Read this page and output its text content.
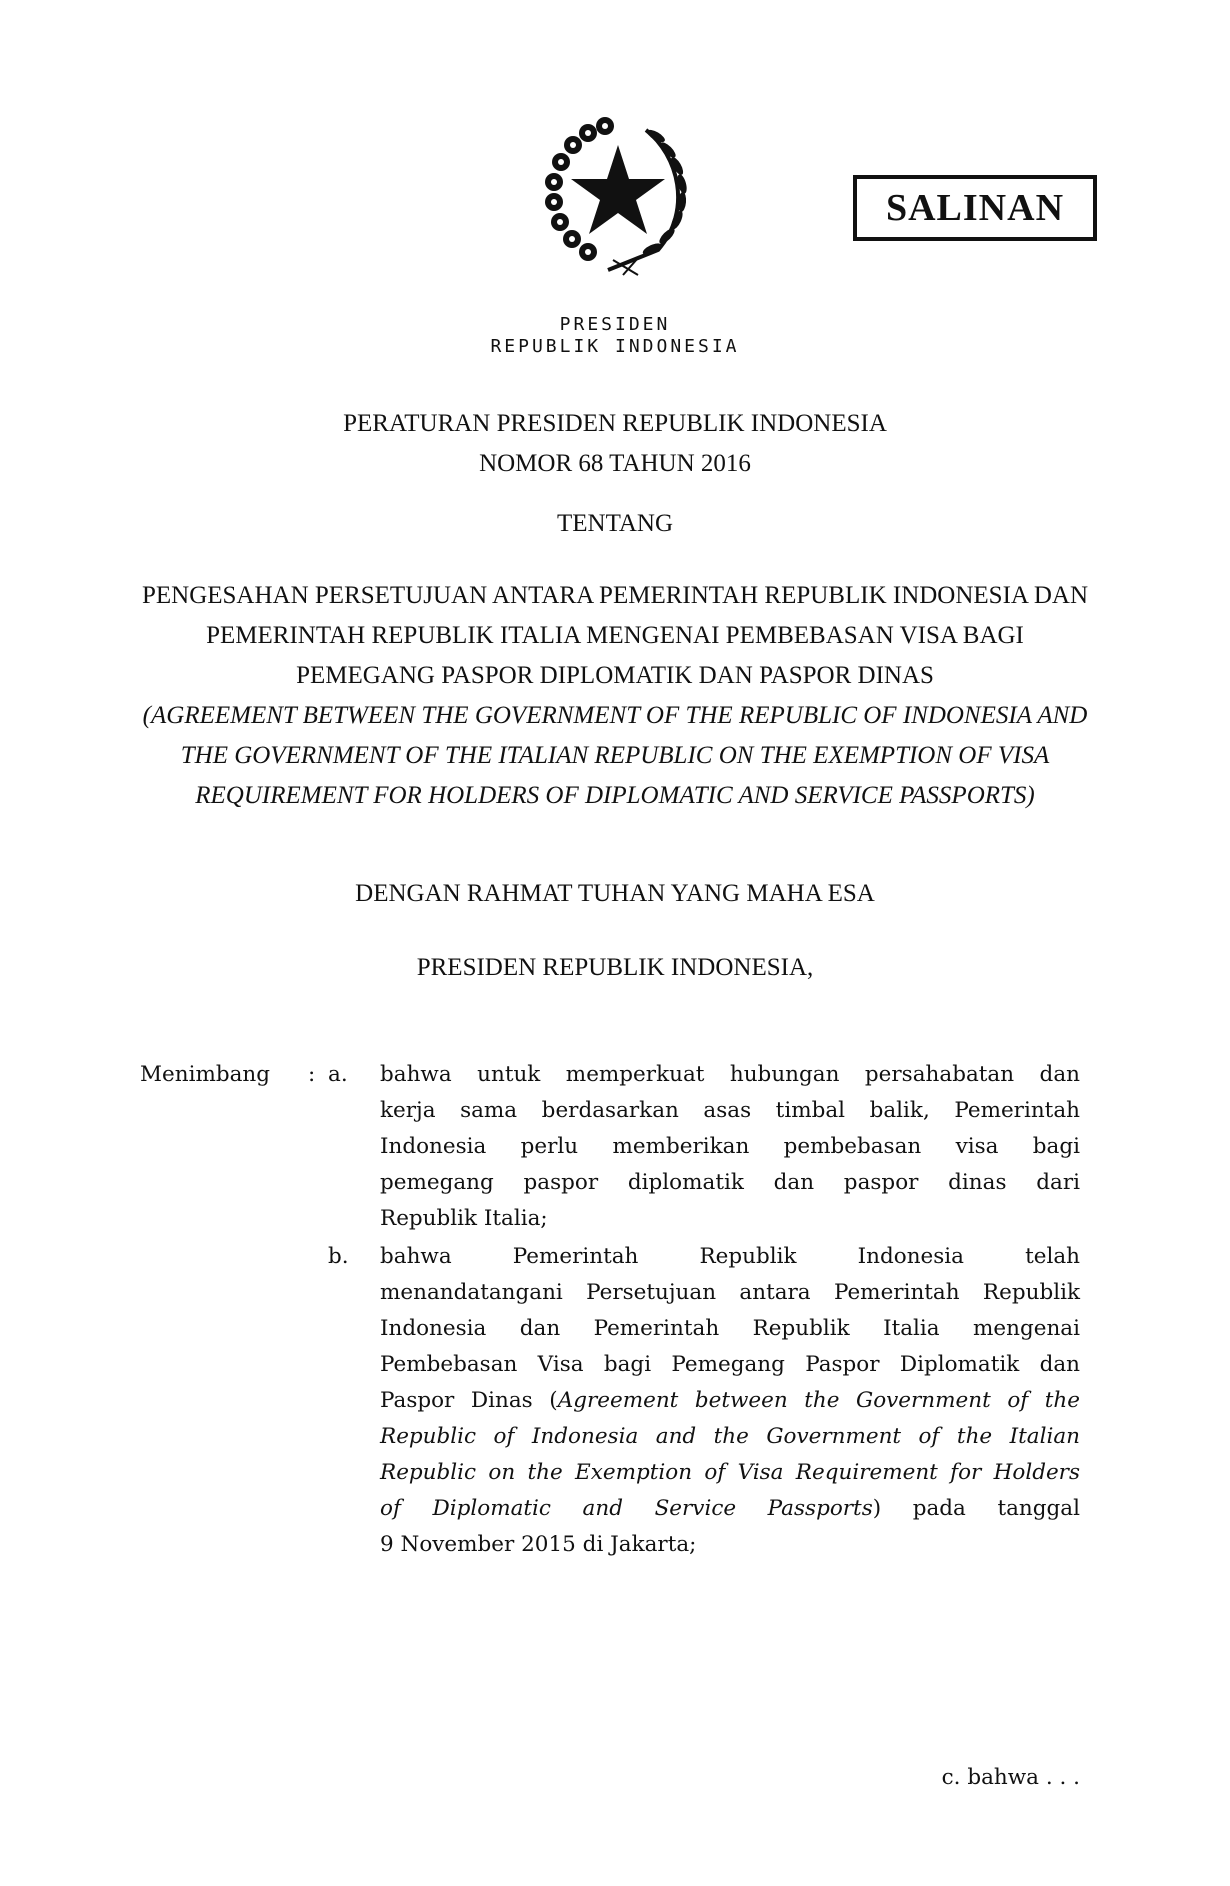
SALINAN
PRESIDEN
REPUBLIK INDONESIA
PERATURAN PRESIDEN REPUBLIK INDONESIA
NOMOR 68 TAHUN 2016
TENTANG
PENGESAHAN PERSETUJUAN ANTARA PEMERINTAH REPUBLIK INDONESIA DAN
PEMERINTAH REPUBLIK ITALIA MENGENAI PEMBEBASAN VISA BAGI
PEMEGANG PASPOR DIPLOMATIK DAN PASPOR DINAS
(AGREEMENT BETWEEN THE GOVERNMENT OF THE REPUBLIC OF INDONESIA AND
THE GOVERNMENT OF THE ITALIAN REPUBLIC ON THE EXEMPTION OF VISA
REQUIREMENT FOR HOLDERS OF DIPLOMATIC AND SERVICE PASSPORTS)
DENGAN RAHMAT TUHAN YANG MAHA ESA
PRESIDEN REPUBLIK INDONESIA,
Menimbang : a. bahwa untuk memperkuat hubungan persahabatan dan
kerja sama berdasarkan asas timbal balik, Pemerintah
Indonesia perlu memberikan pembebasan visa bagi
pemegang paspor diplomatik dan paspor dinas dari
Republik Italia;
b. bahwa Pemerintah Republik Indonesia telah
menandatangani Persetujuan antara Pemerintah Republik
Indonesia dan Pemerintah Republik Italia mengenai
Pembebasan Visa bagi Pemegang Paspor Diplomatik dan
Paspor Dinas (Agreement between the Government of the
Republic of Indonesia and the Government of the Italian
Republic on the Exemption of Visa Requirement for Holders
of Diplomatic and Service Passports) pada tanggal
9 November 2015 di Jakarta;
c. bahwa . . .
